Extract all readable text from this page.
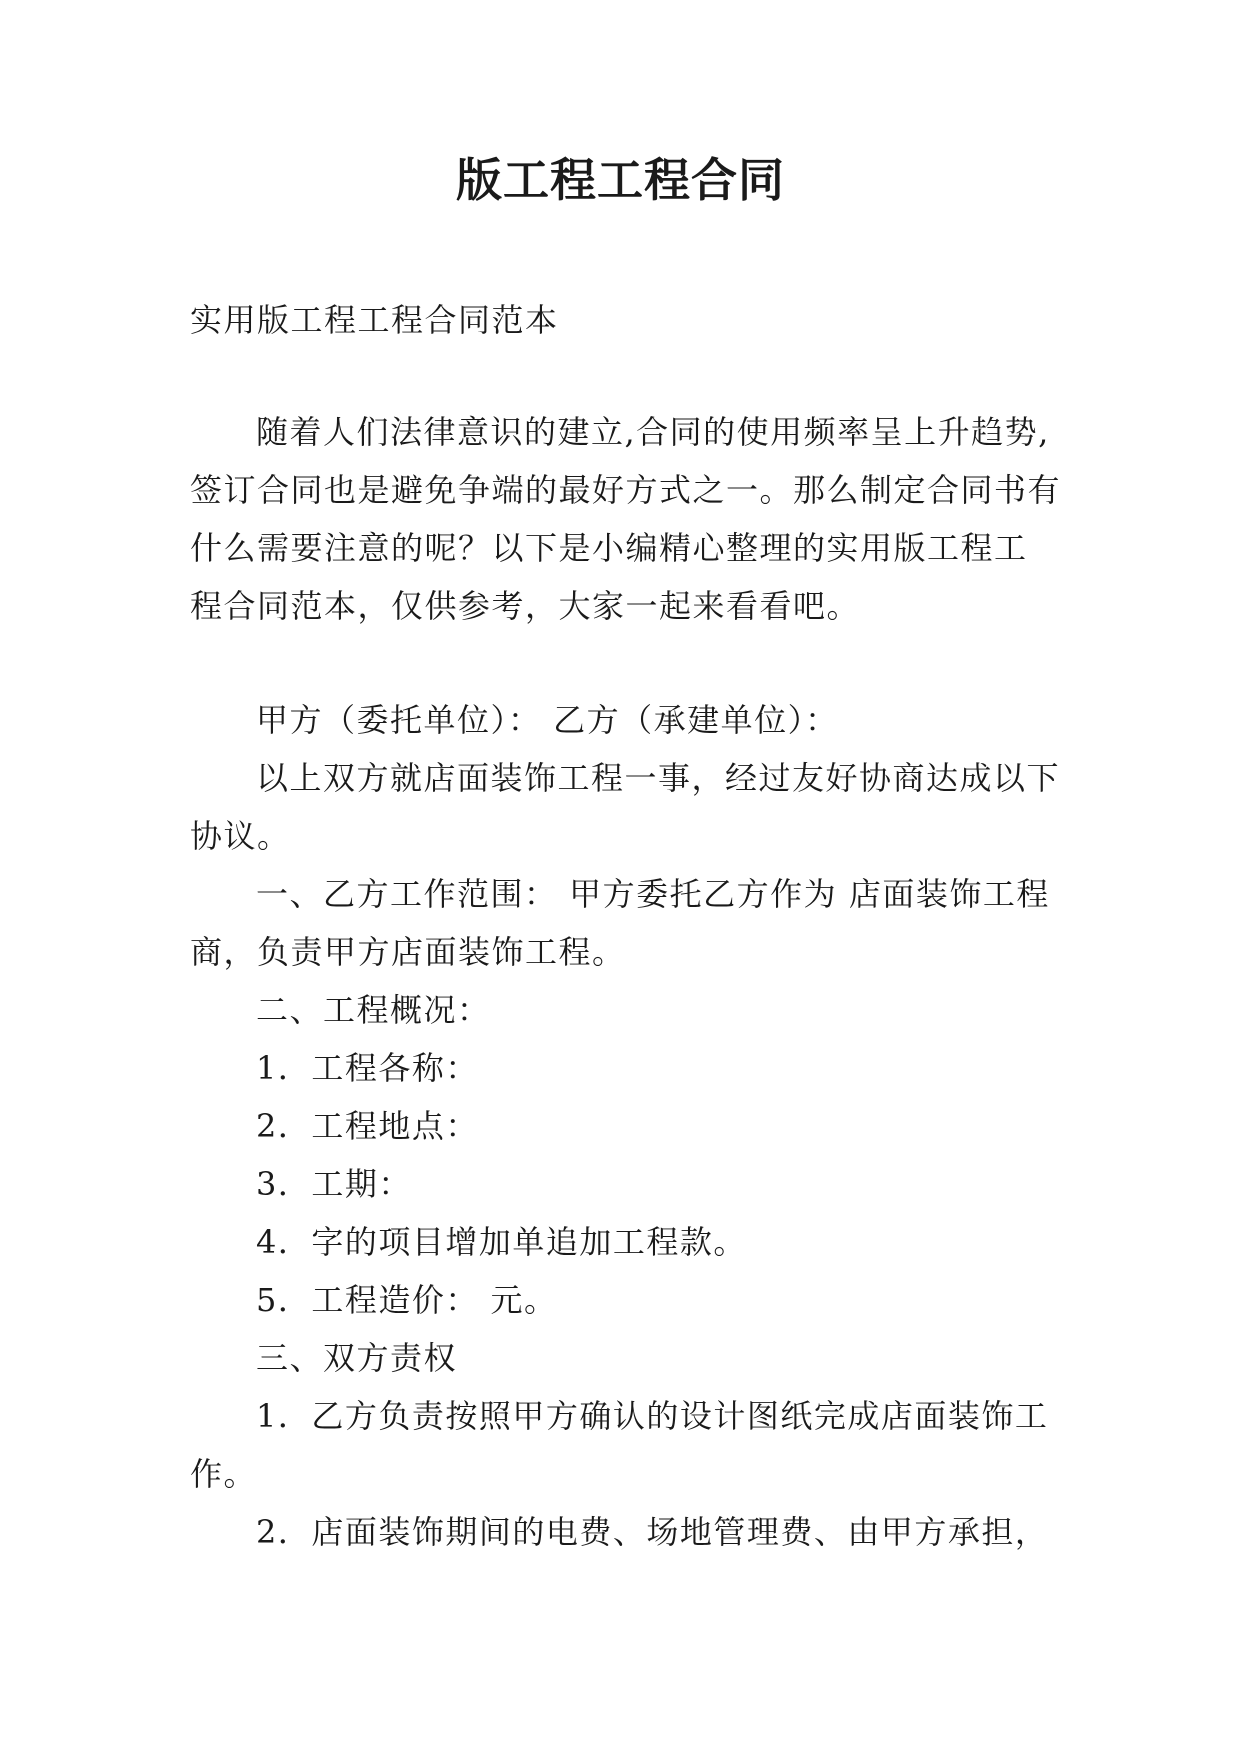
版工程工程合同
实用版工程工程合同范本
随着人们法律意识的建立,合同的使用频率呈上升趋势,
签订合同也是避免争端的最好方式之一。那么制定合同书有
什么需要注意的呢？以下是小编精心整理的实用版工程工
程合同范本，仅供参考，大家一起来看看吧。
甲方（委托单位）： 乙方（承建单位）：
以上双方就店面装饰工程一事，经过友好协商达成以下
协议。
一、乙方工作范围： 甲方委托乙方作为 店面装饰工程
商，负责甲方店面装饰工程。
二、工程概况：
1．工程各称：
2．工程地点：
3．工期：
4．字的项目增加单追加工程款。
5．工程造价： 元。
三、双方责权
1．乙方负责按照甲方确认的设计图纸完成店面装饰工
作。
2．店面装饰期间的电费、场地管理费、由甲方承担，
